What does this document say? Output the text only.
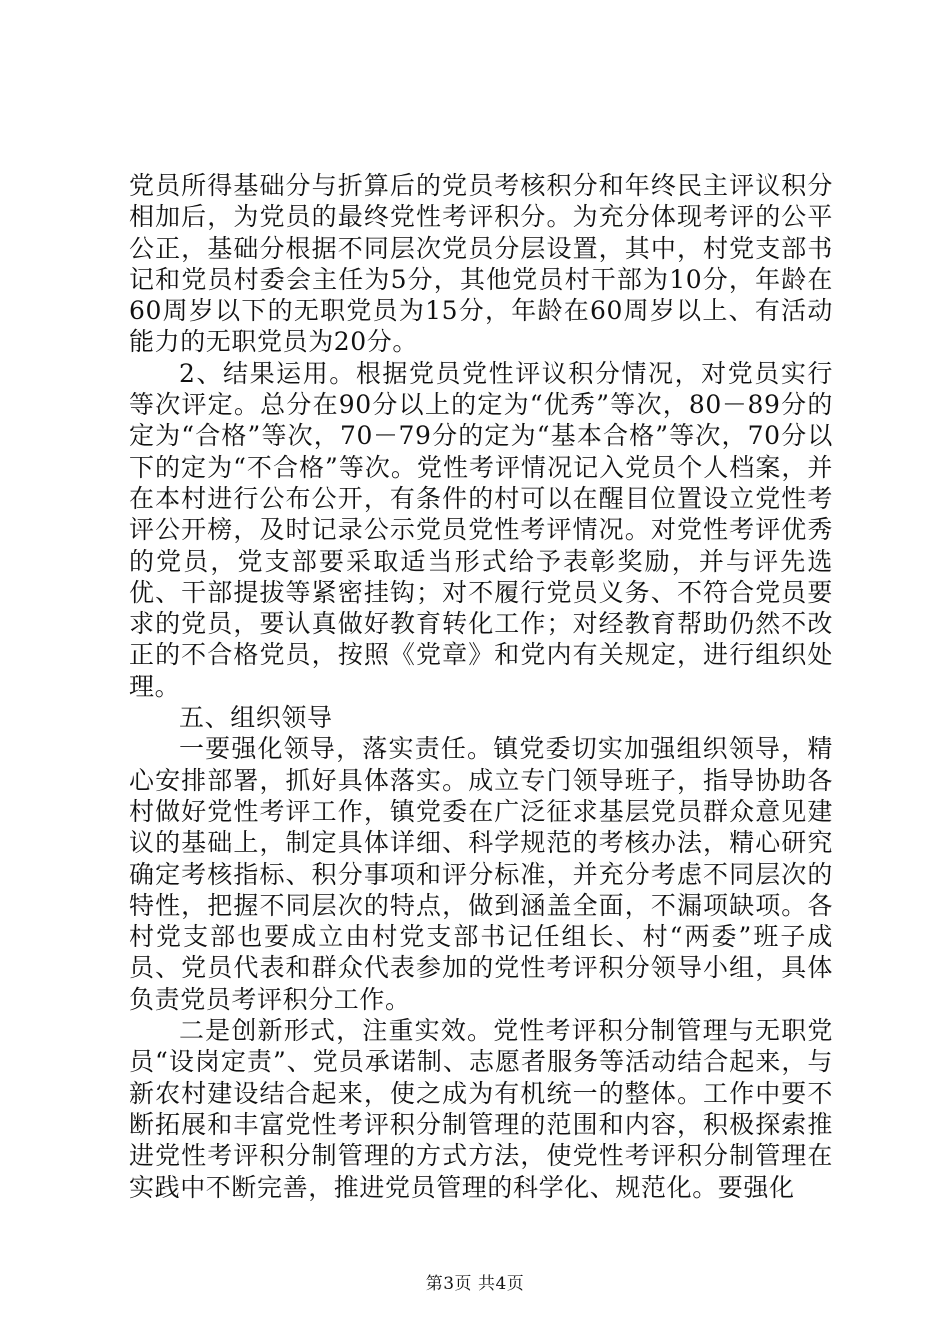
党员所得基础分与折算后的党员考核积分和年终民主评议积分相加后，为党员的最终党性考评积分。为充分体现考评的公平公正，基础分根据不同层次党员分层设置，其中，村党支部书记和党员村委会主任为5分，其他党员村干部为10分，年龄在60周岁以下的无职党员为15分，年龄在60周岁以上、有活动能力的无职党员为20分。

2、结果运用。根据党员党性评议积分情况，对党员实行等次评定。总分在90分以上的定为“优秀”等次，80－89分的定为“合格”等次，70－79分的定为“基本合格”等次，70分以下的定为“不合格”等次。党性考评情况记入党员个人档案，并在本村进行公布公开，有条件的村可以在醒目位置设立党性考评公开榜，及时记录公示党员党性考评情况。对党性考评优秀的党员，党支部要采取适当形式给予表彰奖励，并与评先选优、干部提拔等紧密挂钩；对不履行党员义务、不符合党员要求的党员，要认真做好教育转化工作；对经教育帮助仍然不改正的不合格党员，按照《党章》和党内有关规定，进行组织处理。

五、组织领导

一要强化领导，落实责任。镇党委切实加强组织领导，精心安排部署，抓好具体落实。成立专门领导班子，指导协助各村做好党性考评工作，镇党委在广泛征求基层党员群众意见建议的基础上，制定具体详细、科学规范的考核办法，精心研究确定考核指标、积分事项和评分标准，并充分考虑不同层次的特性，把握不同层次的特点，做到涵盖全面，不漏项缺项。各村党支部也要成立由村党支部书记任组长、村“两委”班子成员、党员代表和群众代表参加的党性考评积分领导小组，具体负责党员考评积分工作。

二是创新形式，注重实效。党性考评积分制管理与无职党员“设岗定责”、党员承诺制、志愿者服务等活动结合起来，与新农村建设结合起来，使之成为有机统一的整体。工作中要不断拓展和丰富党性考评积分制管理的范围和内容，积极探索推进党性考评积分制管理的方式方法，使党性考评积分制管理在实践中不断完善，推进党员管理的科学化、规范化。要强化

第3页 共4页
